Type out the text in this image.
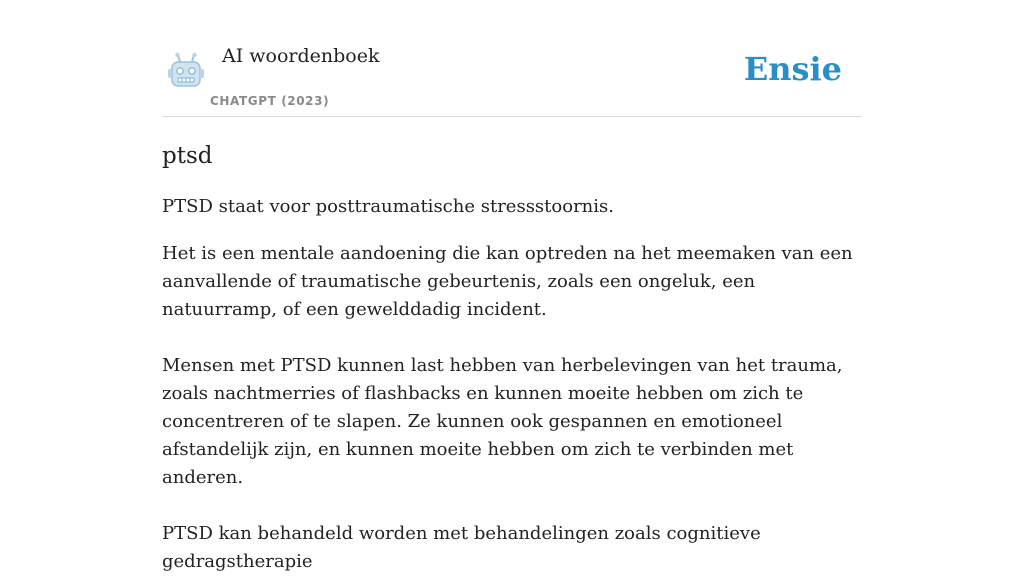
AI woordenboek
CHATGPT (2023)
Ensie
ptsd

PTSD staat voor posttraumatische stressstoornis.

Het is een mentale aandoening die kan optreden na het meemaken van een aanvallende of traumatische gebeurtenis, zoals een ongeluk, een natuurramp, of een gewelddadig incident.

Mensen met PTSD kunnen last hebben van herbelevingen van het trauma, zoals nachtmerries of flashbacks en kunnen moeite hebben om zich te concentreren of te slapen. Ze kunnen ook gespannen en emotioneel afstandelijk zijn, en kunnen moeite hebben om zich te verbinden met anderen.

PTSD kan behandeld worden met behandelingen zoals cognitieve gedragstherapie
